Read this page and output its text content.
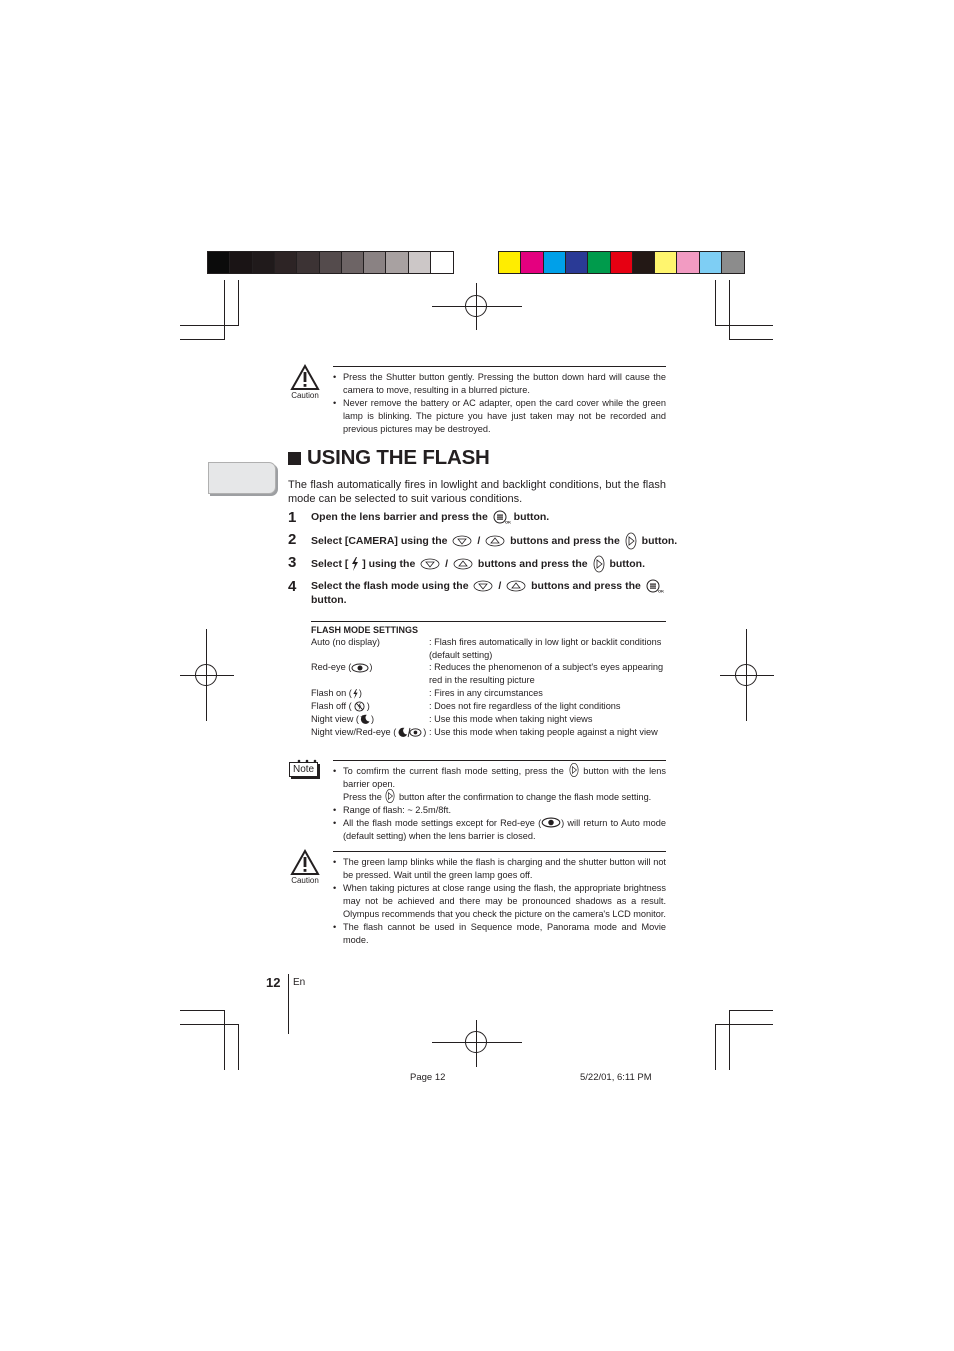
Caution
• Press the Shutter button gently. Pressing the button down hard will cause the camera to move, resulting in a blurred picture.
• Never remove the battery or AC adapter, open the card cover while the green lamp is blinking. The picture you have just taken may not be recorded and previous pictures may be destroyed.
USING THE FLASH
The flash automatically fires in lowlight and backlight conditions, but the flash mode can be selected to suit various conditions.
1	Open the lens barrier and press the	OK button.
2	Select [CAMERA] using the	/	buttons and press the button.
3	Select [ ] using the	/	buttons and press the button.
4	Select the flash mode using the	/	buttons and press the	OK

button.
FLASH MODE SETTINGS
Auto (no display)	: Flash fires automatically in low light or backlit conditions (default setting)
Red-eye ( )	: Reduces the phenomenon of a subject's eyes appearing red in the resulting picture
Flash on ( )	: Fires in any circumstances
Flash off ( )	: Does not fire regardless of the light conditions
Night view ( )	: Use this mode when taking night views
Night view/Red-eye (	) : Use this mode when taking people against a night view
Note
•	To comfirm the current flash mode setting, press the button with the lens barrier open.
Press the button after the confirmation to change the flash mode setting.
• Range of flash: ~ 2.5m/8ft.
• All the flash mode settings except for Red-eye ( ) will return to Auto mode (default setting) when the lens barrier is closed.
Caution
• The green lamp blinks while the flash is charging and the shutter button will not be pressed. Wait until the green lamp goes off.
• When taking pictures at close range using the flash, the appropriate brightness may not be achieved and there may be pronounced shadows as a result. Olympus recommends that you check the picture on the camera's LCD monitor.
• The flash cannot be used in Sequence mode, Panorama mode and Movie mode.
12 En
Page 12	5/22/01, 6:11 PM
